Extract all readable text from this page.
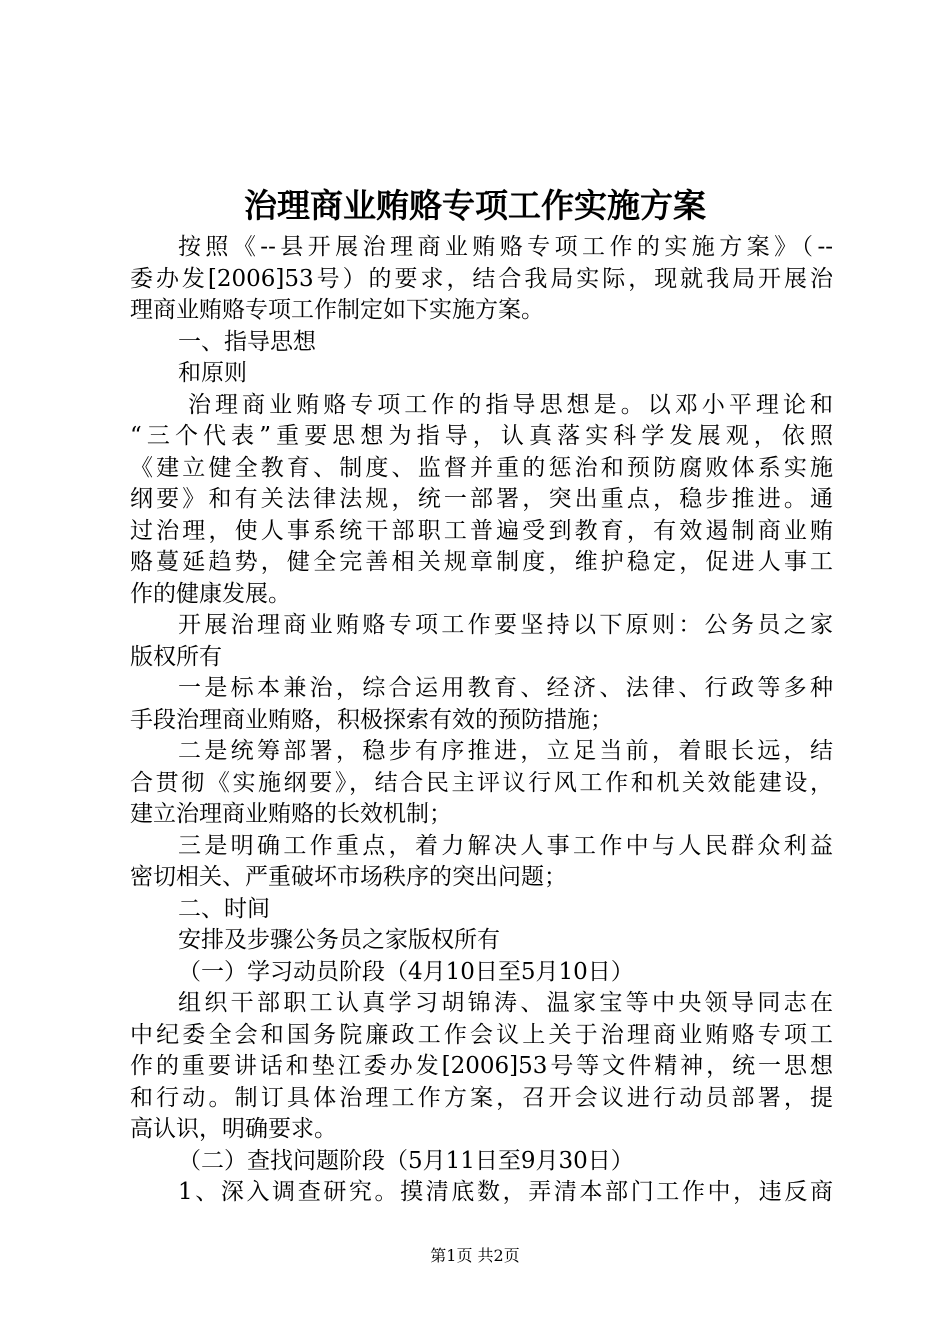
治理商业贿赂专项工作实施方案
按照《--县开展治理商业贿赂专项工作的实施方案》（--
委办发[2006]53号）的要求，结合我局实际，现就我局开展治
理商业贿赂专项工作制定如下实施方案。
一、指导思想
和原则
治理商业贿赂专项工作的指导思想是。以邓小平理论和
“三个代表”重要思想为指导，认真落实科学发展观，依照
《建立健全教育、制度、监督并重的惩治和预防腐败体系实施
纲要》和有关法律法规，统一部署，突出重点，稳步推进。通
过治理，使人事系统干部职工普遍受到教育，有效遏制商业贿
赂蔓延趋势，健全完善相关规章制度，维护稳定，促进人事工
作的健康发展。
开展治理商业贿赂专项工作要坚持以下原则：公务员之家
版权所有
一是标本兼治，综合运用教育、经济、法律、行政等多种
手段治理商业贿赂，积极探索有效的预防措施；
二是统筹部署，稳步有序推进，立足当前，着眼长远，结
合贯彻《实施纲要》，结合民主评议行风工作和机关效能建设，
建立治理商业贿赂的长效机制；
三是明确工作重点，着力解决人事工作中与人民群众利益
密切相关、严重破坏市场秩序的突出问题；
二、时间
安排及步骤公务员之家版权所有
（一）学习动员阶段（4月10日至5月10日）
组织干部职工认真学习胡锦涛、温家宝等中央领导同志在
中纪委全会和国务院廉政工作会议上关于治理商业贿赂专项工
作的重要讲话和垫江委办发[2006]53号等文件精神，统一思想
和行动。制订具体治理工作方案，召开会议进行动员部署，提
高认识，明确要求。
（二）查找问题阶段（5月11日至9月30日）
1、深入调查研究。摸清底数，弄清本部门工作中，违反商
第1页 共2页
